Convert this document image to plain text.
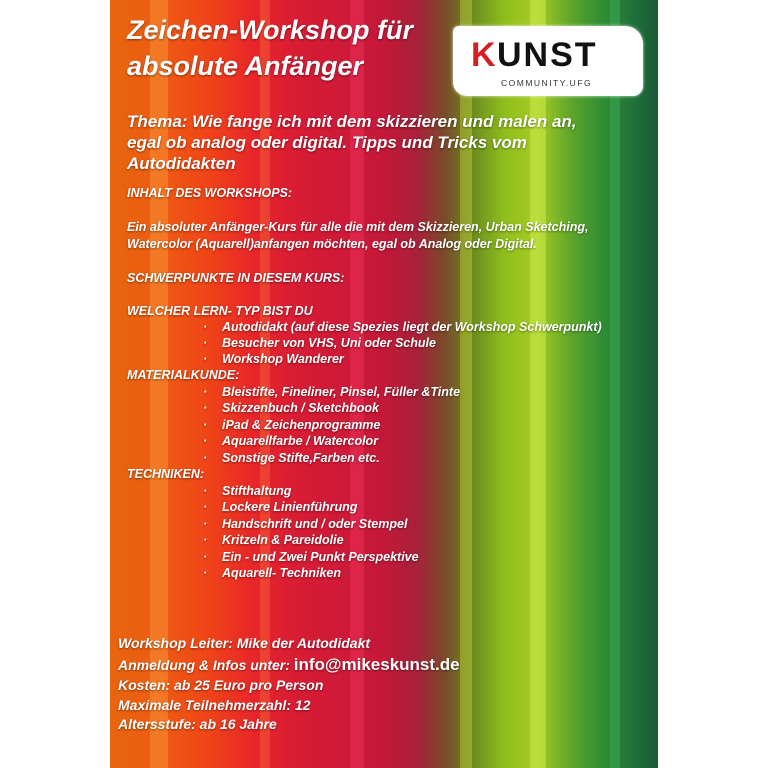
Zeichen-Workshop für
absolute Anfänger	K UNST
COMMUNITY.UFG
Thema: Wie fange ich mit dem skizzieren und malen an,
egal ob analog oder digital. Tipps und Tricks vom
Autodidakten
INHALT DES WORKSHOPS:
Ein absoluter Anfänger-Kurs für alle die mit dem Skizzieren, Urban Sketching,
Watercolor (Aquarell)anfangen möchten, egal ob Analog oder Digital.
SCHWERPUNKTE IN DIESEM KURS:
WELCHER LERN- TYP BIST DU
· Autodidakt (auf diese Spezies liegt der Workshop Schwerpunkt)
· Besucher von VHS, Uni oder Schule
· Workshop Wanderer
MATERIALKUNDE:
· Bleistifte, Fineliner, Pinsel, Füller &Tinte
· Skizzenbuch / Sketchbook
· iPad & Zeichenprogramme
· Aquarellfarbe / Watercolor
· Sonstige Stifte,Farben etc.
TECHNIKEN:
· Stifthaltung
· Lockere Linienführung
· Handschrift und / oder Stempel
· Kritzeln & Pareidolie
· Ein - und Zwei Punkt Perspektive
· Aquarell- Techniken
Workshop Leiter: Mike der Autodidakt
Anmeldung & Infos unter: info@mikeskunst.de
Kosten: ab 25 Euro pro Person
Maximale Teilnehmerzahl: 12
Altersstufe: ab 16 Jahre
